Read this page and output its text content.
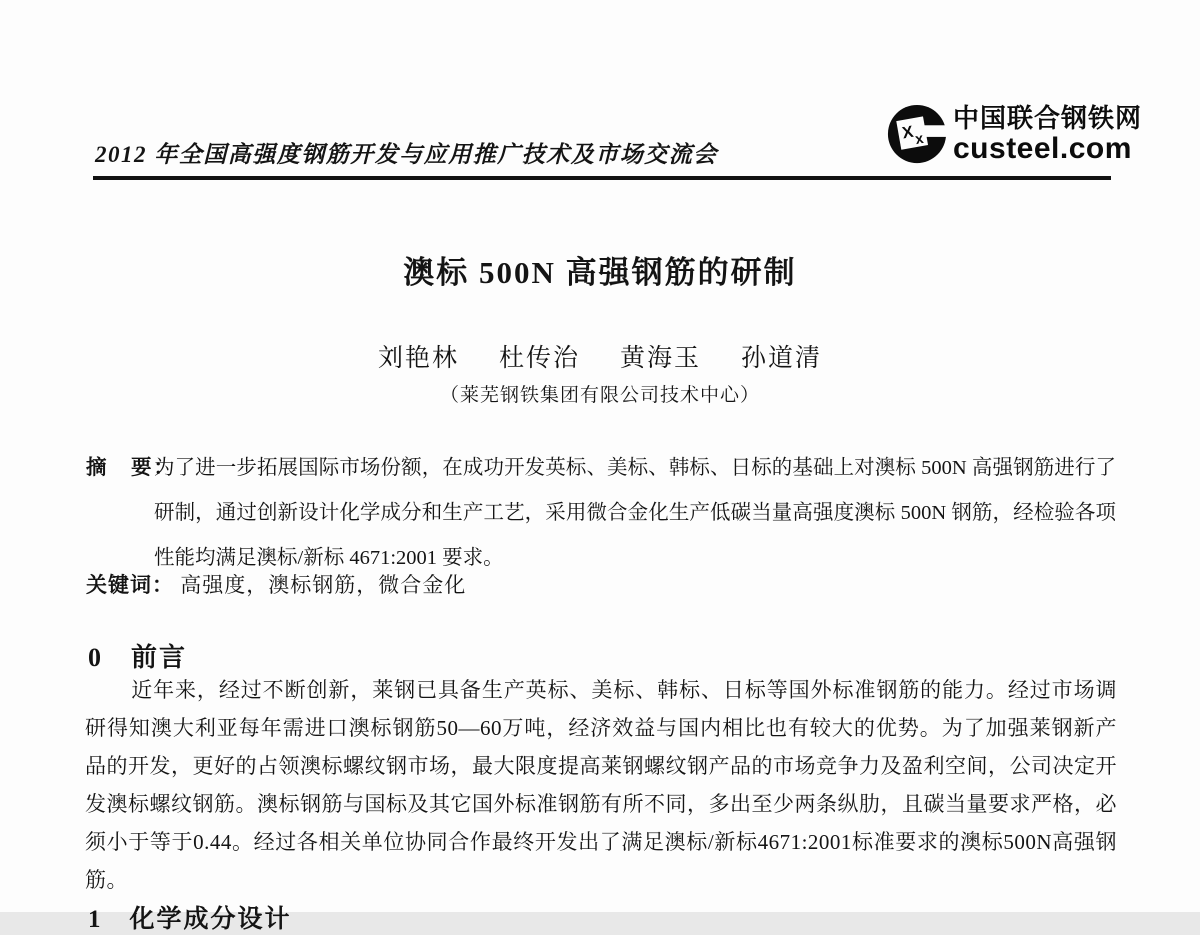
2012 年全国高强度钢筋开发与应用推广技术及市场交流会
X x
中国联合钢铁网
custeel.com
澳标 500N 高强钢筋的研制
刘艳林 杜传治 黄海玉 孙道清
（莱芜钢铁集团有限公司技术中心）
摘　要：
为了进一步拓展国际市场份额，在成功开发英标、美标、韩标、日标的基础上对澳标 500N 高强钢筋进行了研制，通过创新设计化学成分和生产工艺，采用微合金化生产低碳当量高强度澳标 500N 钢筋，经检验各项性能均满足澳标/新标 4671:2001 要求。
关键词： 高强度，澳标钢筋，微合金化
0　前言
近年来，经过不断创新，莱钢已具备生产英标、美标、韩标、日标等国外标准钢筋的能力。经过市场调研得知澳大利亚每年需进口澳标钢筋50—60万吨，经济效益与国内相比也有较大的优势。为了加强莱钢新产品的开发，更好的占领澳标螺纹钢市场，最大限度提高莱钢螺纹钢产品的市场竞争力及盈利空间，公司决定开发澳标螺纹钢筋。澳标钢筋与国标及其它国外标准钢筋有所不同，多出至少两条纵肋，且碳当量要求严格，必须小于等于0.44。经过各相关单位协同合作最终开发出了满足澳标/新标4671:2001标准要求的澳标500N高强钢筋。
1　化学成分设计
